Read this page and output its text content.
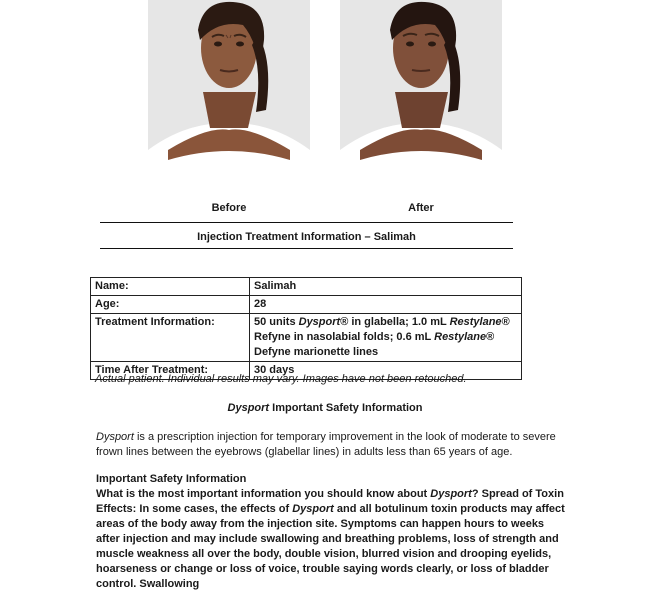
Before	After
Injection Treatment Information – Salimah
Name:	Salimah
Age:	28
Treatment Information:	50 units Dysport® in glabella; 1.0 mL Restylane® Refyne in nasolabial folds; 0.6 mL Restylane® Defyne marionette lines
Time After Treatment:	30 days
Actual patient. Individual results may vary. Images have not been retouched.
Dysport Important Safety Information
Dysport is a prescription injection for temporary improvement in the look of moderate to severe frown lines between the eyebrows (glabellar lines) in adults less than 65 years of age.
Important Safety Information
What is the most important information you should know about Dysport? Spread of Toxin Effects: In some cases, the effects of Dysport and all botulinum toxin products may affect areas of the body away from the injection site. Symptoms can happen hours to weeks after injection and may include swallowing and breathing problems, loss of strength and muscle weakness all over the body, double vision, blurred vision and drooping eyelids, hoarseness or change or loss of voice, trouble saying words clearly, or loss of bladder control. Swallowing
